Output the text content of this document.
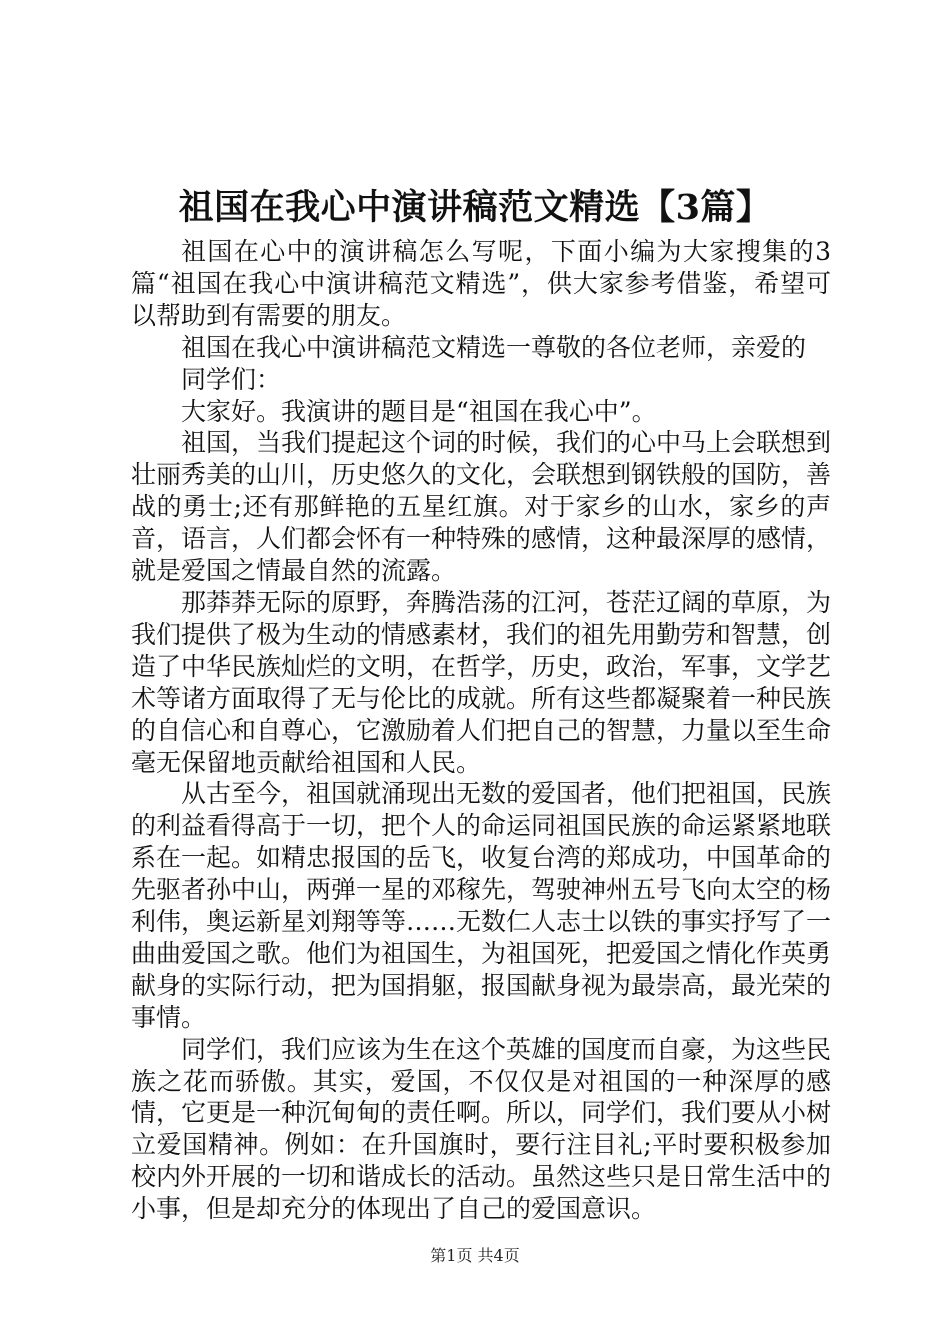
祖国在我心中演讲稿范文精选【3篇】

祖国在心中的演讲稿怎么写呢，下面小编为大家搜集的3篇“祖国在我心中演讲稿范文精选”，供大家参考借鉴，希望可以帮助到有需要的朋友。

祖国在我心中演讲稿范文精选一尊敬的各位老师，亲爱的

同学们：

大家好。我演讲的题目是“祖国在我心中”。

祖国，当我们提起这个词的时候，我们的心中马上会联想到壮丽秀美的山川，历史悠久的文化，会联想到钢铁般的国防，善战的勇士;还有那鲜艳的五星红旗。对于家乡的山水，家乡的声音，语言，人们都会怀有一种特殊的感情，这种最深厚的感情，就是爱国之情最自然的流露。

那莽莽无际的原野，奔腾浩荡的江河，苍茫辽阔的草原，为我们提供了极为生动的情感素材，我们的祖先用勤劳和智慧，创造了中华民族灿烂的文明，在哲学，历史，政治，军事，文学艺术等诸方面取得了无与伦比的成就。所有这些都凝聚着一种民族的自信心和自尊心，它激励着人们把自己的智慧，力量以至生命毫无保留地贡献给祖国和人民。

从古至今，祖国就涌现出无数的爱国者，他们把祖国，民族的利益看得高于一切，把个人的命运同祖国民族的命运紧紧地联系在一起。如精忠报国的岳飞，收复台湾的郑成功，中国革命的先驱者孙中山，两弹一星的邓稼先，驾驶神州五号飞向太空的杨利伟，奥运新星刘翔等等……无数仁人志士以铁的事实抒写了一曲曲爱国之歌。他们为祖国生，为祖国死，把爱国之情化作英勇献身的实际行动，把为国捐躯，报国献身视为最崇高，最光荣的事情。

同学们，我们应该为生在这个英雄的国度而自豪，为这些民族之花而骄傲。其实，爱国，不仅仅是对祖国的一种深厚的感情，它更是一种沉甸甸的责任啊。所以，同学们，我们要从小树立爱国精神。例如：在升国旗时，要行注目礼;平时要积极参加校内外开展的一切和谐成长的活动。虽然这些只是日常生活中的小事，但是却充分的体现出了自己的爱国意识。

第1页 共4页
